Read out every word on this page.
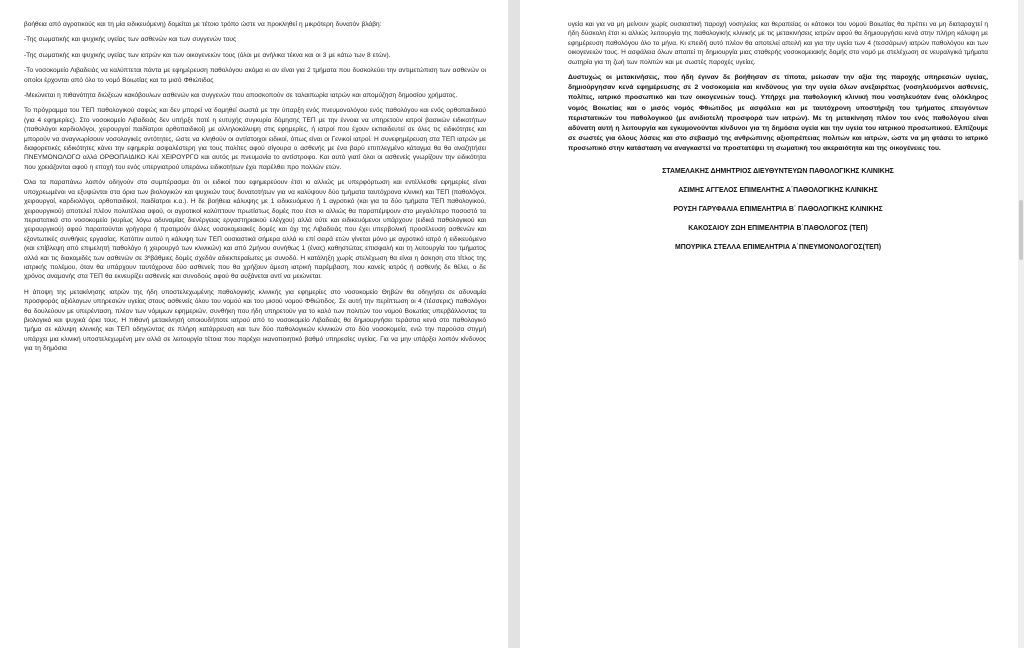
βοήθεια από αγροτικούς και τη μία ειδικευόμενη) δομείται με τέτοιο τρόπο ώστε να προκληθεί η μικρότερη δυνατόν βλάβη:

-Της σωματικής και ψυχικής υγείας των ασθενών και των συγγενών τους

-Της σωματικής και ψυχικής υγείας των ιατρών και των οικογενειών τους (όλοι με ανήλικα τέκνα και οι 3 με κάτω των 8 ετών).

-Το νοσοκομείο Λιβαδειάς να καλύπτεται πάντα με εφημέρευση παθολόγου ακόμα κι αν είναι για 2 τμήματα που δυσκολεύει την αντιμετώπιση των ασθενών οι οποίοι έρχονται από όλο το νομό Βοιωτίας και το μισό Φθιώτιδος

-Μειώνεται η πιθανότητα διώξεων κακόβουλων ασθενών και συγγενών που αποσκοπούν σε ταλαιπωρία ιατρών και απομύζηση δημοσίου χρήματος.

Το πρόγραμμα του ΤΕΠ παθολογικού σαφώς και δεν μπορεί να δομηθεί σωστά με την ύπαρξη ενός πνευμονολόγου ενός παθολόγου και ενός ορθοπαιδικού (για 4 εφημερίες). Στο νοσοκομείο Λιβαδειάς δεν υπήρξε ποτέ η ευτυχής συγκυρία δόμησης ΤΕΠ με την έννοια να υπηρετούν ιατροί βασικών ειδικοτήτων (παθολόγοι καρδιολόγοι, χειρουργοί παιδίατροι ορθοπαιδικοί) με αλληλοκάλυψη στις εφημερίες, ή ιατροί που έχουν εκπαιδευτεί σε όλες τις ειδικότητες και μπορούν να αναγνωρίσουν νοσολογικές οντότητες, ώστε να κληθούν οι αντίστοιχοι ειδικοί, όπως είναι οι Γενικοί ιατροί. Η συνεφημέρευση στα ΤΕΠ ιατρών με διαφορετικές ειδικότητες κάνει την εφημερία ασφαλέστερη για τους πολίτες αφού σίγουρα ο ασθενής με ένα βαρύ επιπλεγμένο κάταγμα θα θα αναζητήσει ΠΝΕΥΜΟΝΟΛΟΓΟ αλλά ΟΡΘΟΠΑΙΔΙΚΟ ΚΑΙ ΧΕΙΡΟΥΡΓΟ και αυτός με πνευμονία το αντίστροφο. Και αυτό γιατί όλοι οι ασθενείς γνωρίζουν την ειδικότητα που χρειάζονται αφού η εποχή του ενός υπεργιατρού υπεράνω ειδικοτήτων έχει παρέλθει προ πολλών ετών.

Όλα τα παραπάνω λοιπόν οδηγούν στο συμπέρασμα ότι οι ειδικοί που εφημερεύουν έτσι κι αλλιώς με υπερφόρτωση και εντέλλεσθε εφημερίες είναι υποχρεωμένοι να εξυψώνται στα όρια των βιολογικών και ψυχικών τους δυνατοτήτων για να καλύψουν δύο τμήματα ταυτόχρονα κλινική και ΤΕΠ (παθολόγοι, χειρουργοί, καρδιολόγοι, ορθοπαιδικοί, παιδίατροι κ.α.). Η δε βοήθεια κάλυψης με 1 ειδικευόμενο ή 1 αγροτικό (και για τα δύο τμήματα ΤΕΠ παθολογικού, χειρουργικού) αποτελεί πλέον πολυτέλεια αφού, οι αγροτικοί καλύπτουν πρωτίστως δομές που έτσι κι αλλιώς θα παραπέμψουν στο μεγαλύτερο ποσοστό τα περιστατικά στο νοσοκομείο (κυρίως λόγω αδυναμίας διενέργειας εργαστηριακού ελέγχου) αλλά ούτε και ειδικευόμενοι υπάρχουν (ειδικά παθολογικού και χειρουργικού) αφού παραιτούνται γρήγορα ή προτιμούν άλλες νοσοκομειακές δομές και όχι της Λιβαδειάς που έχει υπερβολική προσέλευση ασθενών και εξοντωτικές συνθήκες εργασίας. Κατόπιν αυτού η κάλυψη των ΤΕΠ ουσιαστικά σήμερα αλλά κι επί σειρά ετών γίνεται μόνο με αγροτικό ιατρό ή ειδικευόμενο (και επίβλεψη από επιμελητή παθολόγο ή χειρουργό των κλινικών) και από 2μήνου συνήθως 1 (ένας) καθηστώτας επισφαλή και τη λειτουργία του τμήματος αλλά και τις διακομιδές των ασθενών σε 3ºβάθμιες δομές σχεδόν αδιεκπεραίωτες με συνοδό. Η κατάληξη χωρίς στελέχωση θα είναι η άσκηση στο τίτλος της ιατρικής πολέμου, όταν θα υπάρχουν ταυτόχρονα δύο ασθενείς που θα χρήζουν άμεση ιατρική παρέμβαση, που κανείς ιατρός ή ασθενής δε θέλει, ο δε χρόνος αναμονής στα ΤΕΠ θα εκνευρίζει ασθενείς και συνοδούς αφού θα αυξάνεται αντί να μειώνεται.

Η άποψη της μετακίνησης ιατρών της ήδη υποστελεχωμένης παθολογικής κλινικής για εφημερίες στο νοσοκομείο Θηβών θα οδηγήσει σε αδυναμία προσφοράς αξιόλογων υπηρεσιών υγείας στους ασθενείς όλου του νομού και του μισού νομού Φθιώτιδος. Σε αυτή την περίπτωση οι 4 (τέσσερις) παθολόγοι θα δουλεύουν με υπερένταση, πλέον των νόμιμων εφημεριών, συνθήκη που ήδη υπηρετούν για το καλό των πολιτών του νομού Βοιωτίας υπερβάλλοντας τα βιολογικά και ψυχικά όρια τους. Η πιθανή μετακίνησή οποιουδήποτε ιατρού από το νοσοκομείο Λιβαδειάς θα δημιουργήσει τεράστια κενά στο παθολογικό τμήμα σε κάλυψη κλινικής και ΤΕΠ οδηγώντας σε πλήρη κατάρρευση και των δύο παθολογικών κλινικών στο δύο νοσοκομεία, ενώ την παρούσα στιγμή υπάρχει μια κλινική υποστελεχωμένη μεν αλλά σε λειτουργία τέτοια που παρέχει ικανοποιητικό βαθμό υπηρεσίες υγείας. Για να μην υπάρξει λοιπόν κίνδυνος για τη δημόσια

υγεία και για να μη μείνουν χωρίς ουσιαστική παροχή νοσηλείας και θεραπείας οι κάτοικοι του νομού Βοιωτίας θα πρέπει να μη διαταραχτεί η ήδη δύσκολη έτσι κι αλλιώς λειτουργία της παθολογικής κλινικής με τις μετακινήσεις ιατρών αφού θα δημιουργήσει κενά στην πλήρη κάλυψη με εφημέρευση παθολόγου όλο το μήνα. Κι επειδή αυτό πλέον θα αποτελεί απειλή και για την υγεία των 4 (τεσσάρων) ιατρών παθολόγου και των οικογενειών τους. Η ασφάλεια όλων απαιτεί τη δημιουργία μιας σταθερής νοσοκομειακής δομής στο νομό με στελέχωση σε νευραλγικά τμήματα σωτηρία για τη ζωή των πολιτών και με σωστές παροχές υγείας.

Δυστυχώς οι μετακινήσεις, που ήδη έγιναν δε βοήθησαν σε τίποτα, μείωσαν την αξία της παροχής υπηρεσιών υγείας, δημιούργησαν κενά εφημέρευσης σε 2 νοσοκομεία και κινδύνους για την υγεία όλων ανεξαιρέτως (νοσηλευόμενοι ασθενείς, πολίτες, ιατρικό προσωπικό και των οικογενειών τους). Υπήρχε μια παθολογική κλινική που νοσηλευόταν ένας ολόκληρος νομός Βοιωτίας και ο μισός νομός Φθιώτιδος με ασφάλεια και με ταυτόχρονη υποστήριξη του τμήματος επειγόντων περιστατικών του παθολογικού (με ανιδιοτελή προσφορά των ιατρών). Με τη μετακίνηση πλέον του ενός παθολόγου είναι αδύνατη αυτή η λειτουργία και εγκυμονούνται κίνδυνοι για τη δημόσια υγεία και την υγεία του ιατρικού προσωπικού. Ελπίζουμε σε σωστές για όλους λύσεις και στο σεβασμό της ανθρώπινης αξιοπρέπειας πολιτών και ιατρών, ώστε να μη φτάσει το ιατρικό προσωπικό στην κατάσταση να αναγκαστεί να προστατέψει τη σωματική του ακεραιότητα και της οικογένειες του.

ΣΤΑΜΕΛΑΚΗΣ ΔΗΜΗΤΡΙΟΣ ΔΙΕΥΘΥΝΤΕΥΩΝ ΠΑΘΟΛΟΓΙΚΗΣ ΚΛΙΝΙΚΗΣ

ΑΣΙΜΗΣ ΑΓΓΕΛΟΣ ΕΠΙΜΕΛΗΤΗΣ Α΄ΠΑΘΟΛΟΓΙΚΗΣ ΚΛΙΝΙΚΗΣ

ΡΟΥΣΗ ΓΑΡΥΦΑΛΙΑ ΕΠΙΜΕΛΗΤΡΙΑ Β΄ ΠΑΘΟΛΟΓΙΚΗΣ ΚΛΙΝΙΚΗΣ

ΚΑΚΟΣΑΙΟΥ ΖΩΗ ΕΠΙΜΕΛΗΤΡΙΑ Β΄ΠΑΘΟΛΟΓΟΣ (ΤΕΠ)

ΜΠΟΥΡΙΚΑ ΣΤΕΛΛΑ ΕΠΙΜΕΛΗΤΡΙΑ Α΄ΠΝΕΥΜΟΝΟΛΟΓΟΣ(ΤΕΠ)
